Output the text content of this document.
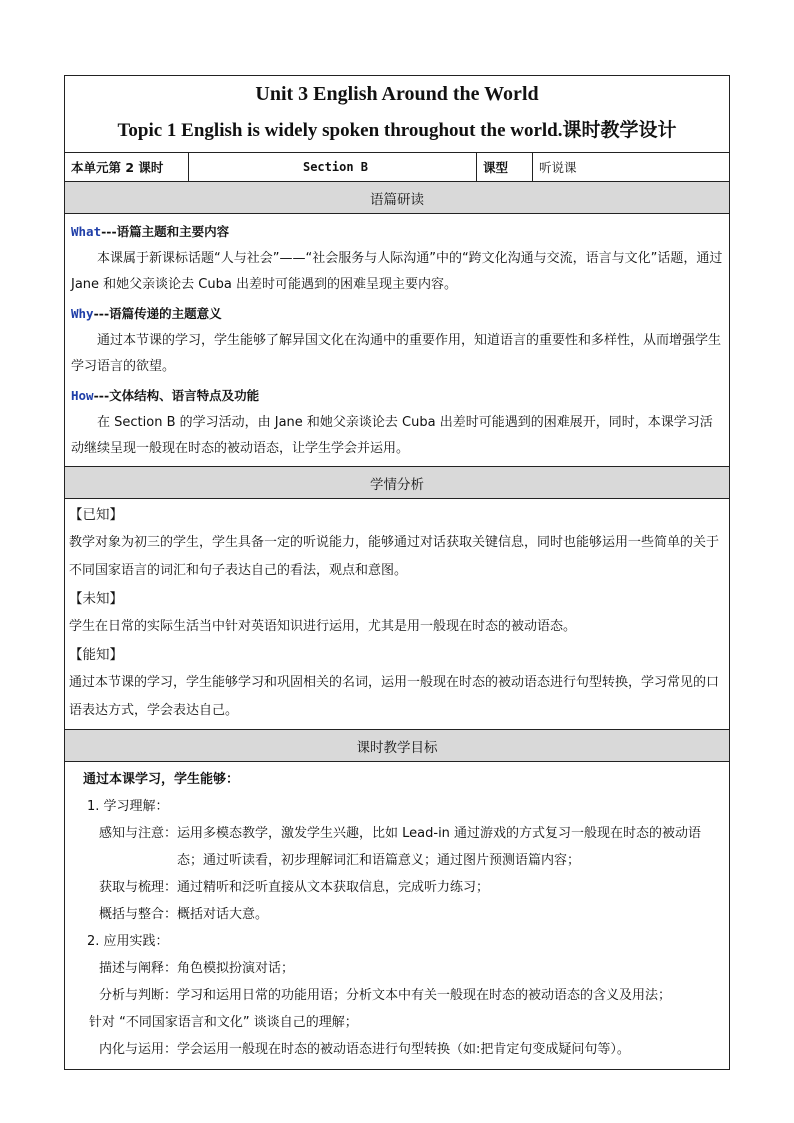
Unit 3 English Around the World
Topic 1 English is widely spoken throughout the world.课时教学设计

本单元第 2 课时	Section B	课型	听说课
语篇研读

What---语篇主题和主要内容
本课属于新课标话题“人与社会”——“社会服务与人际沟通”中的“跨文化沟通与交流，语言与文化”话题，通过 Jane 和她父亲谈论去 Cuba 出差时可能遇到的困难呈现主要内容。
Why---语篇传递的主题意义
通过本节课的学习，学生能够了解异国文化在沟通中的重要作用，知道语言的重要性和多样性，从而增强学生学习语言的欲望。
How---文体结构、语言特点及功能
在 Section B 的学习活动，由 Jane 和她父亲谈论去 Cuba 出差时可能遇到的困难展开，同时，本课学习活动继续呈现一般现在时态的被动语态，让学生学会并运用。

学情分析

【已知】
教学对象为初三的学生，学生具备一定的听说能力，能够通过对话获取关键信息，同时也能够运用一些简单的关于不同国家语言的词汇和句子表达自己的看法，观点和意图。
【未知】
学生在日常的实际生活当中针对英语知识进行运用，尤其是用一般现在时态的被动语态。
【能知】
通过本节课的学习，学生能够学习和巩固相关的名词，运用一般现在时态的被动语态进行句型转换，学习常见的口语表达方式，学会表达自己。

课时教学目标

通过本课学习，学生能够：
1. 学习理解：
感知与注意： 运用多模态教学，激发学生兴趣，比如 Lead-in 通过游戏的方式复习一般现在时态的被动语态；通过听读看，初步理解词汇和语篇意义；通过图片预测语篇内容；
获取与梳理： 通过精听和泛听直接从文本获取信息，完成听力练习；
概括与整合： 概括对话大意。
2. 应用实践：
描述与阐释： 角色模拟扮演对话；
分析与判断： 学习和运用日常的功能用语；分析文本中有关一般现在时态的被动语态的含义及用法；
针对 “不同国家语言和文化” 谈谈自己的理解；
内化与运用： 学会运用一般现在时态的被动语态进行句型转换（如:把肯定句变成疑问句等）。
